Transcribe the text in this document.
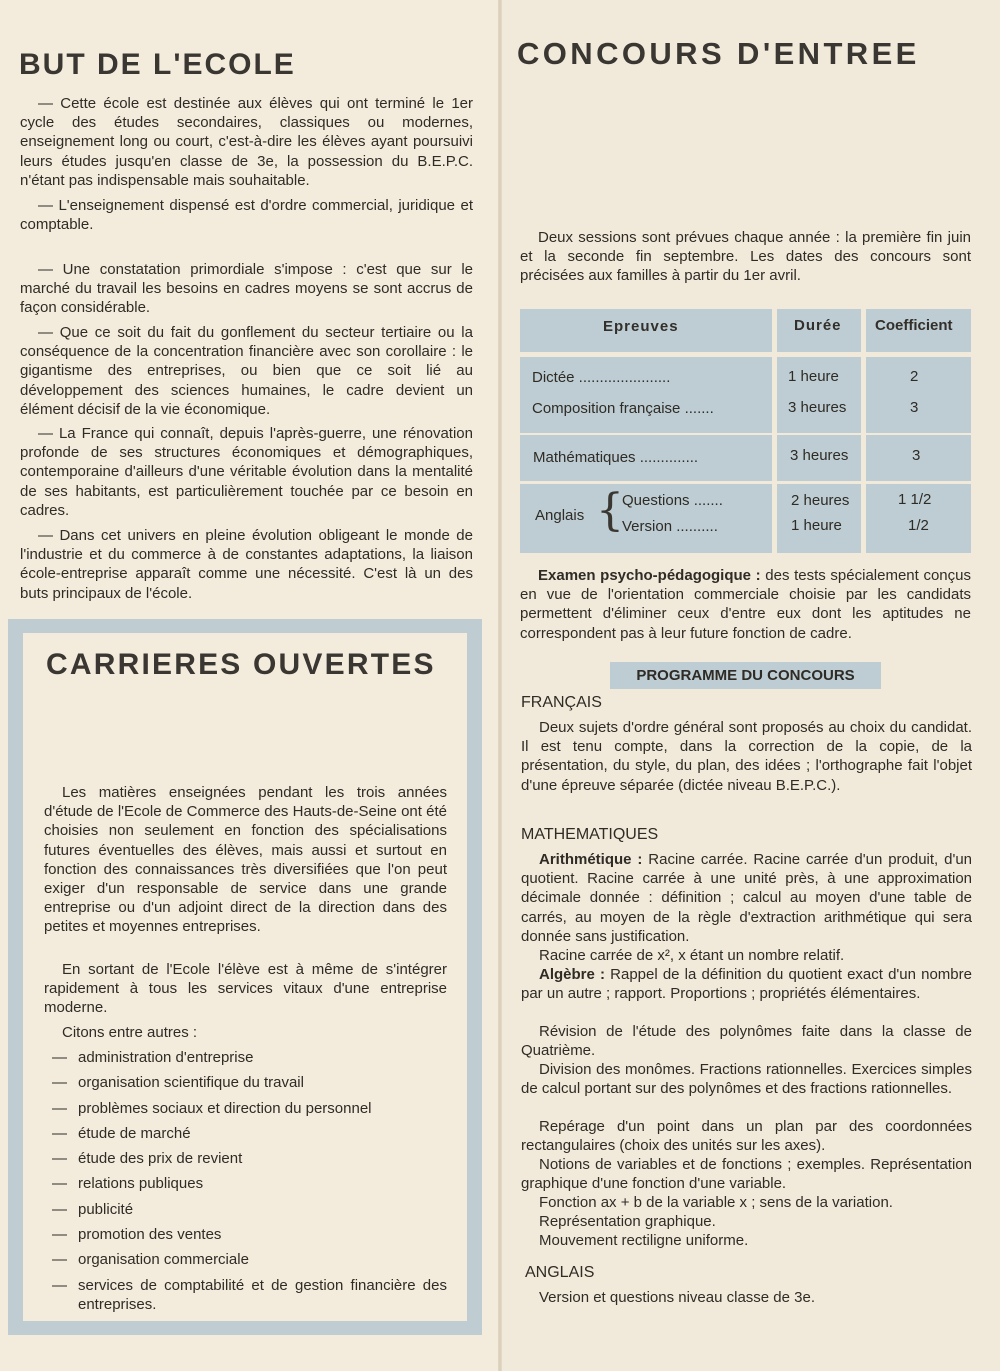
BUT DE L'ECOLE

— Cette école est destinée aux élèves qui ont terminé le 1er cycle des études secondaires, classiques ou modernes, enseignement long ou court, c'est-à-dire les élèves ayant poursuivi leurs études jusqu'en classe de 3e, la possession du B.E.P.C. n'étant pas indispensable mais souhaitable.

— L'enseignement dispensé est d'ordre commercial, juridique et comptable.

— Une constatation primordiale s'impose : c'est que sur le marché du travail les besoins en cadres moyens se sont accrus de façon considérable.

— Que ce soit du fait du gonflement du secteur tertiaire ou la conséquence de la concentration financière avec son corollaire : le gigantisme des entreprises, ou bien que ce soit lié au développement des sciences humaines, le cadre devient un élément décisif de la vie économique.

— La France qui connaît, depuis l'après-guerre, une rénovation profonde de ses structures économiques et démographiques, contemporaine d'ailleurs d'une véritable évolution dans la mentalité de ses habitants, est particulièrement touchée par ce besoin en cadres.

— Dans cet univers en pleine évolution obligeant le monde de l'industrie et du commerce à de constantes adaptations, la liaison école-entreprise apparaît comme une nécessité. C'est là un des buts principaux de l'école.

CARRIERES OUVERTES

Les matières enseignées pendant les trois années d'étude de l'Ecole de Commerce des Hauts-de-Seine ont été choisies non seulement en fonction des spécialisations futures éventuelles des élèves, mais aussi et surtout en fonction des connaissances très diversifiées que l'on peut exiger d'un responsable de service dans une grande entreprise ou d'un adjoint direct de la direction dans des petites et moyennes entreprises.

En sortant de l'Ecole l'élève est à même de s'intégrer rapidement à tous les services vitaux d'une entreprise moderne.

Citons entre autres :

— administration d'entreprise
— organisation scientifique du travail
— problèmes sociaux et direction du personnel
— étude de marché
— étude des prix de revient
— relations publiques
— publicité
— promotion des ventes
— organisation commerciale
— services de comptabilité et de gestion financière des entreprises.
CONCOURS D'ENTREE

Deux sessions sont prévues chaque année : la première fin juin et la seconde fin septembre. Les dates des concours sont précisées aux familles à partir du 1er avril.

Epreuves	Durée Coefficient
Dictée ......................	1 heure	2
Composition française .......	3 heures	3
Mathématiques ..............	3 heures	3
Anglais {
Questions .......	2 heures	1 1/2
Version ..........	1 heure	1/2

Examen psycho-pédagogique : des tests spécialement conçus en vue de l'orientation commerciale choisie par les candidats permettent d'éliminer ceux d'entre eux dont les aptitudes ne correspondent pas à leur future fonction de cadre.

PROGRAMME DU CONCOURS

FRANÇAIS

Deux sujets d'ordre général sont proposés au choix du candidat. Il est tenu compte, dans la correction de la copie, de la présentation, du style, du plan, des idées ; l'orthographe fait l'objet d'une épreuve séparée (dictée niveau B.E.P.C.).

MATHEMATIQUES

Arithmétique : Racine carrée. Racine carrée d'un produit, d'un quotient. Racine carrée à une unité près, à une approximation décimale donnée : définition ; calcul au moyen d'une table de carrés, au moyen de la règle d'extraction arithmétique qui sera donnée sans justification.

Racine carrée de x², x étant un nombre relatif.

Algèbre : Rappel de la définition du quotient exact d'un nombre par un autre ; rapport. Proportions ; propriétés élémentaires.

Révision de l'étude des polynômes faite dans la classe de Quatrième.

Division des monômes. Fractions rationnelles. Exercices simples de calcul portant sur des polynômes et des fractions rationnelles.

Repérage d'un point dans un plan par des coordonnées rectangulaires (choix des unités sur les axes).

Notions de variables et de fonctions ; exemples. Représentation graphique d'une fonction d'une variable.

Fonction ax + b de la variable x ; sens de la variation.

Représentation graphique.

Mouvement rectiligne uniforme.

ANGLAIS

Version et questions niveau classe de 3e.
